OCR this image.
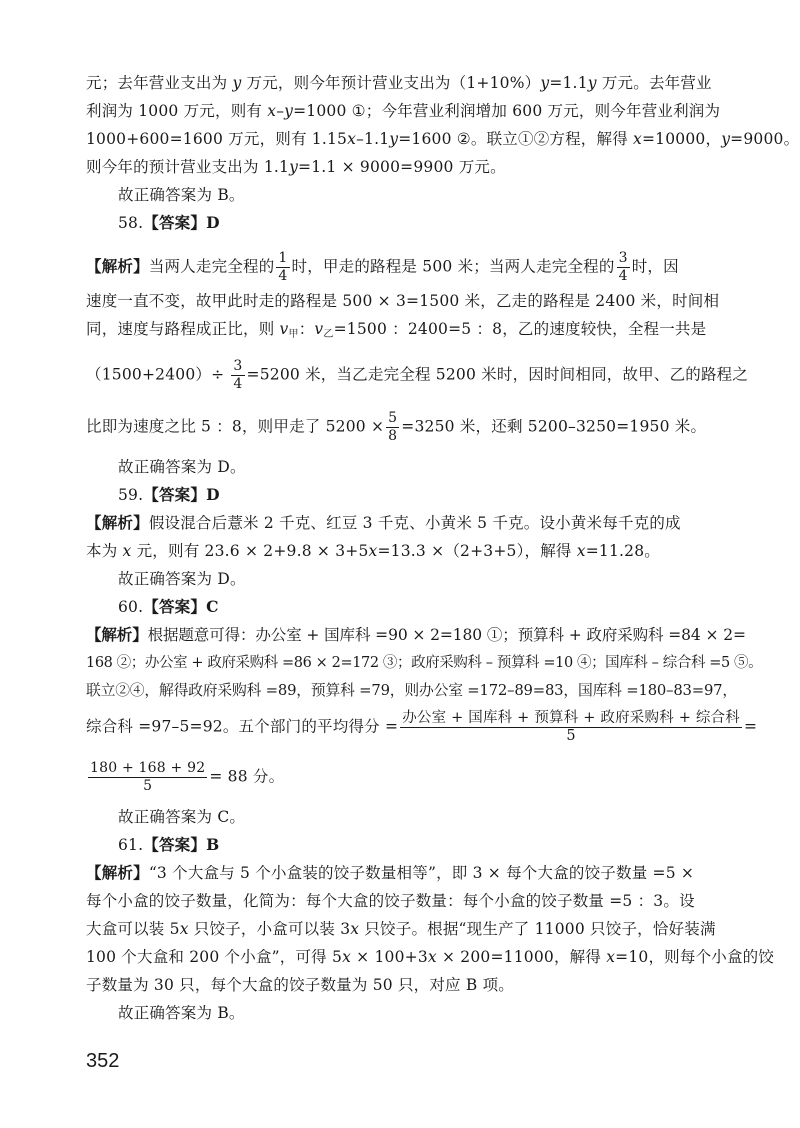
元；去年营业支出为 y 万元，则今年预计营业支出为（1+10%）y=1.1y 万元。去年营业
利润为 1000 万元，则有 x–y=1000 ①；今年营业利润增加 600 万元，则今年营业利润为
1000+600=1600 万元，则有 1.15x–1.1y=1600 ②。联立①②方程，解得 x=10000，y=9000。
则今年的预计营业支出为 1.1y=1.1 × 9000=9900 万元。
故正确答案为 B。
58.【答案】D
【解析】当两人走完全程的 $\frac{1}{4}$ 时，甲走的路程是 500 米；当两人走完全程的 $\frac{3}{4}$ 时，因
速度一直不变，故甲此时走的路程是 500 × 3=1500 米，乙走的路程是 2400 米，时间相
同，速度与路程成正比，则 $v_甲$：$v_乙=1500$ ：2400=5 ：8，乙的速度较快，全程一共是
$(1500+2400)\div \frac{3}{4} =5200$ 米，当乙走完全程 5200 米时，因时间相同，故甲、乙的路程之
比即为速度之比 5 ：8，则甲走了 $5200 \times \frac{5}{8} =3250$ 米，还剩 5200–3250=1950 米。
故正确答案为 D。
59.【答案】D
【解析】假设混合后薏米 2 千克、红豆 3 千克、小黄米 5 千克。设小黄米每千克的成
本为 x 元，则有 23.6 × 2+9.8 × 3+5x=13.3 ×（2+3+5），解得 x=11.28。
故正确答案为 D。
60.【答案】C
【解析】根据题意可得：办公室 + 国库科 =90 × 2=180 ①；预算科 + 政府采购科 =84 × 2=
168 ②；办公室 + 政府采购科 =86 × 2=172 ③；政府采购科 – 预算科 =10 ④；国库科 – 综合科 =5 ⑤。
联立②④，解得政府采购科 =89，预算科 =79，则办公室 =172–89=83，国库科 =180–83=97，
综合科 =97–5=92。五个部门的平均得分 = $\frac{\text{办公室 + 国库科 + 预算科 + 政府采购科 + 综合科}}{5}$ =
$\frac{180 + 168 + 92}{5} = 88$ 分。
故正确答案为 C。
61.【答案】B
【解析】“3 个大盒与 5 个小盒装的饺子数量相等”，即 3 × 每个大盒的饺子数量 =5 ×
每个小盒的饺子数量，化简为：每个大盒的饺子数量：每个小盒的饺子数量 =5 ：3。设
大盒可以装 5x 只饺子，小盒可以装 3x 只饺子。根据“现生产了 11000 只饺子，恰好装满
100 个大盒和 200 个小盒”，可得 5x × 100+3x × 200=11000，解得 x=10，则每个小盒的饺
子数量为 30 只，每个大盒的饺子数量为 50 只，对应 B 项。
故正确答案为 B。
352
